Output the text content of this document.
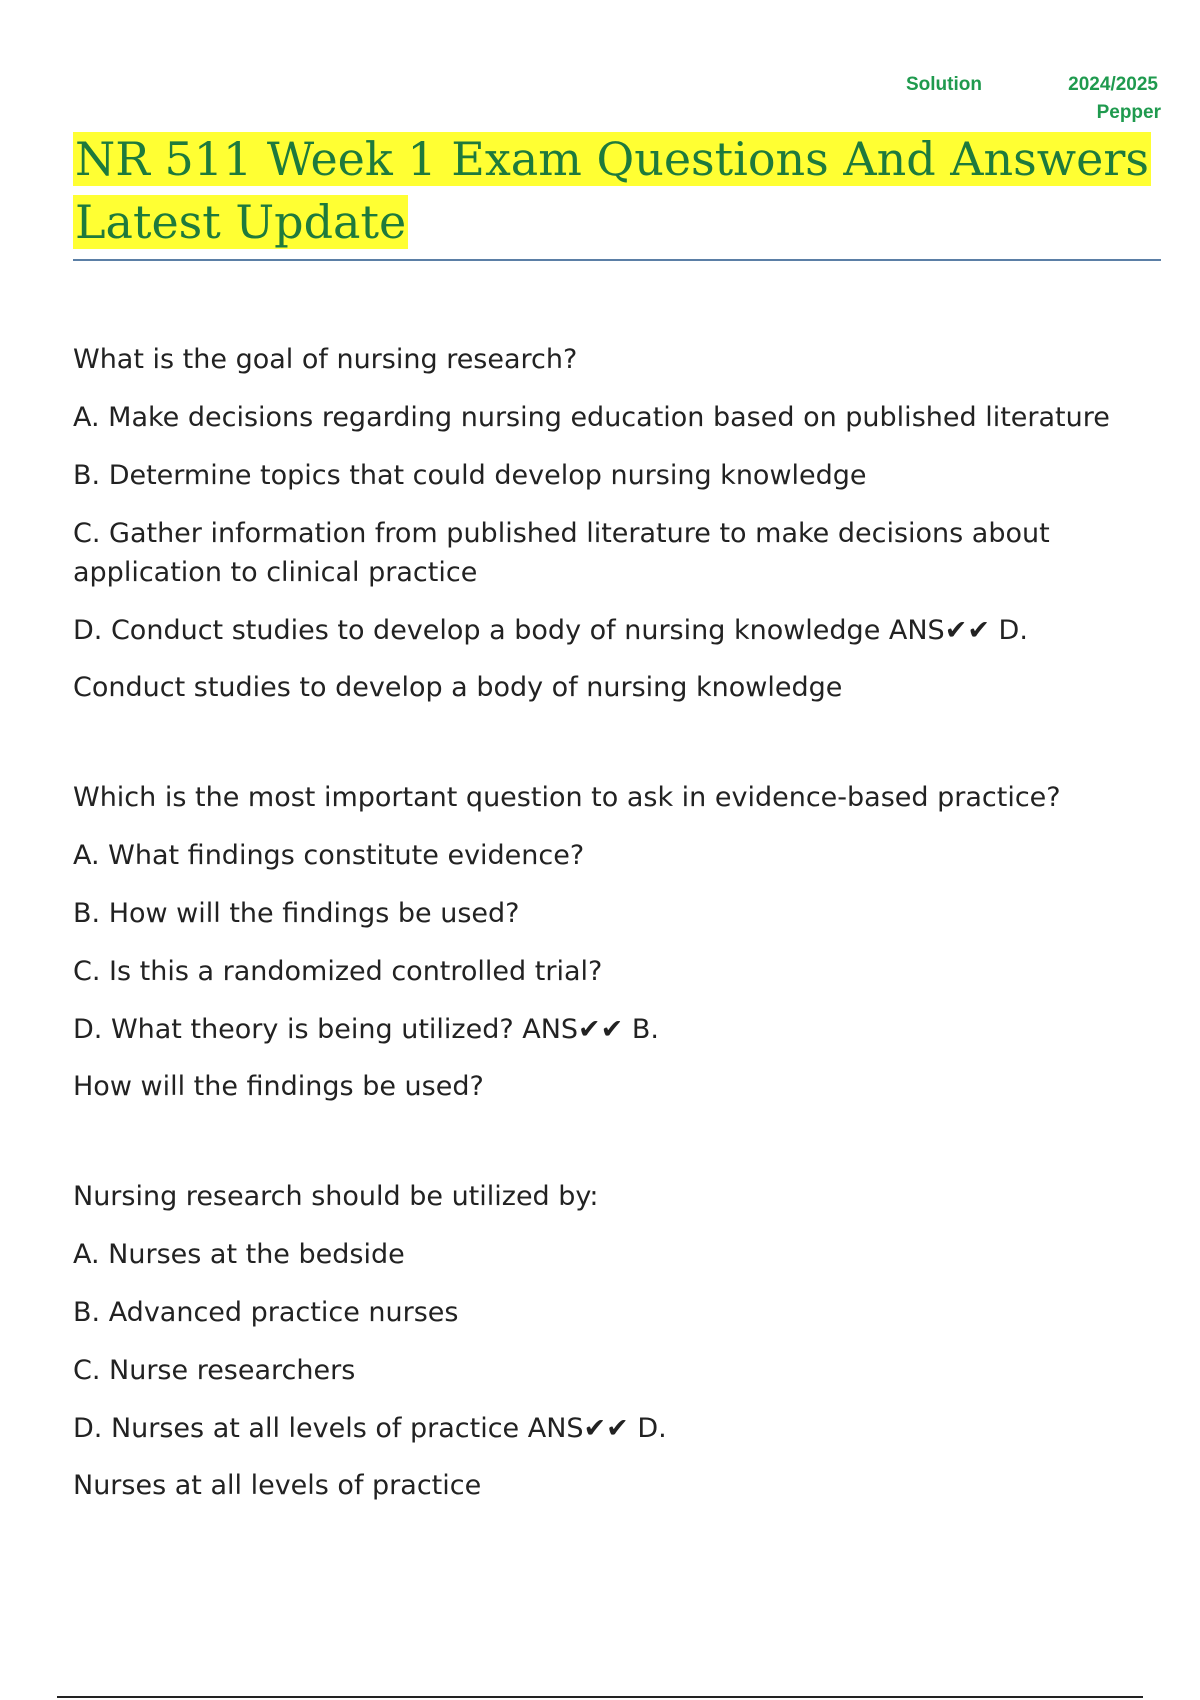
Solution	2024/2025
Pepper
NR 511 Week 1 Exam Questions And Answers
Latest Update

What is the goal of nursing research?

A. Make decisions regarding nursing education based on published literature

B. Determine topics that could develop nursing knowledge

C. Gather information from published literature to make decisions about application to clinical practice

D. Conduct studies to develop a body of nursing knowledge ANS✔✔ D.

Conduct studies to develop a body of nursing knowledge

Which is the most important question to ask in evidence-based practice?

A. What findings constitute evidence?

B. How will the findings be used?

C. Is this a randomized controlled trial?

D. What theory is being utilized? ANS✔✔ B.

How will the findings be used?

Nursing research should be utilized by:

A. Nurses at the bedside

B. Advanced practice nurses

C. Nurse researchers

D. Nurses at all levels of practice ANS✔✔ D.

Nurses at all levels of practice
